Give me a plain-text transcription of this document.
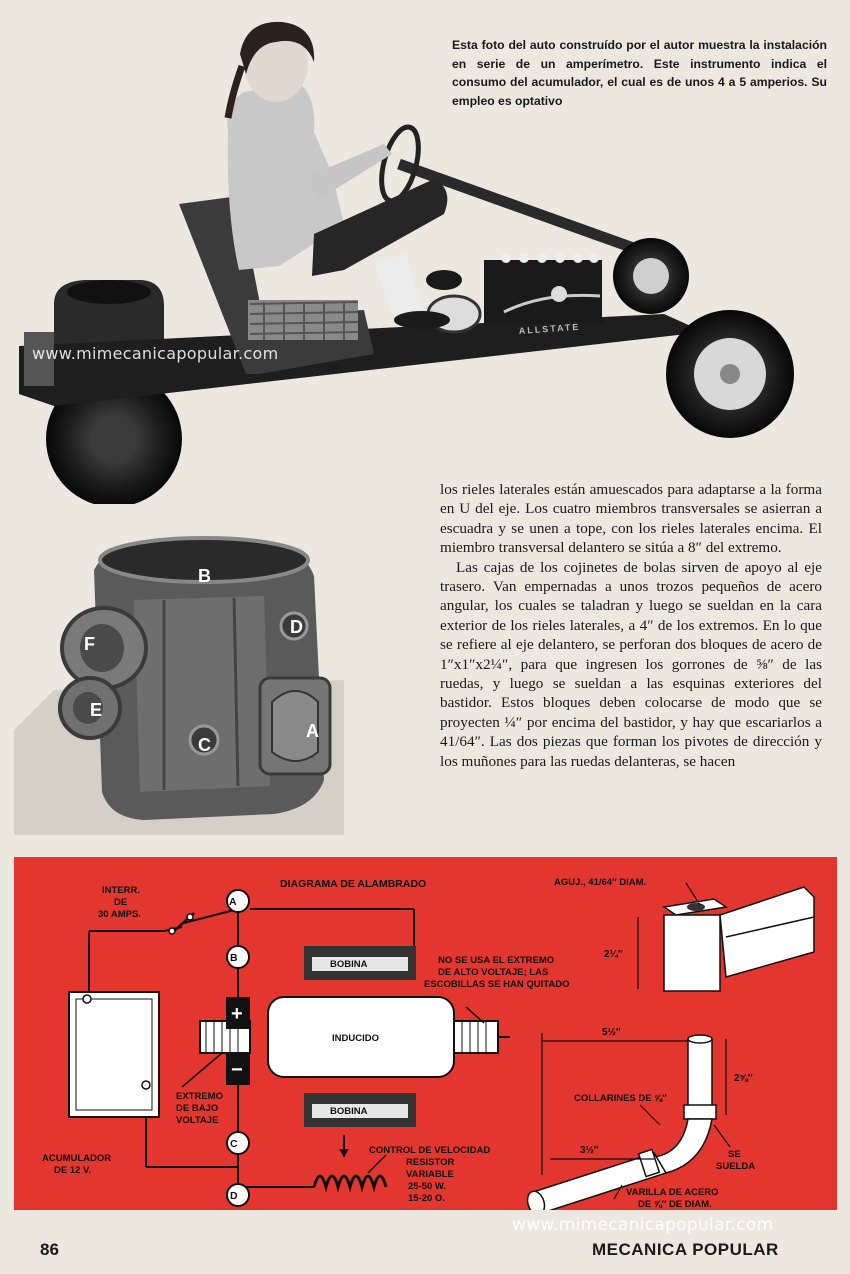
ALLSTATE
Esta foto del auto construído por el autor muestra la instalación en serie de un amperímetro. Este instrumento indica el consumo del acumulador, el cual es de unos 4 a 5 amperios. Su empleo es optativo
www.mimecanicapopular.com
B
D
F
E
C
A

los rieles laterales están amuescados para adaptarse a la forma en U del eje. Los cuatro miembros transversales se asierran a escuadra y se unen a tope, con los rieles laterales encima. El miembro transversal delantero se sitúa a 8″ del extremo.

Las cajas de los cojinetes de bolas sirven de apoyo al eje trasero. Van empernadas a unos trozos pequeños de acero angular, los cuales se taladran y luego se sueldan en la cara exterior de los rieles laterales, a 4″ de los extremos. En lo que se refiere al eje delantero, se perforan dos bloques de acero de 1″x1″x2¼″, para que ingresen los gorrones de ⅝″ de las ruedas, y luego se sueldan a las esquinas exteriores del bastidor. Estos bloques deben colocarse de modo que se proyecten ¼″ por encima del bastidor, y hay que escariarlos a 41/64″. Las dos piezas que forman los pivotes de dirección y los muñones para las ruedas delanteras, se hacen

A
B
C
D
+
−
DIAGRAMA DE ALAMBRADO
INTERR.
DE
30 AMPS.
BOBINA
BOBINA
INDUCIDO
NO SE USA EL EXTREMO
DE ALTO VOLTAJE; LAS
ESCOBILLAS SE HAN QUITADO
EXTREMO
DE BAJO
VOLTAJE
ACUMULADOR
DE 12 V.
CONTROL DE VELOCIDAD
RESISTOR
VARIABLE
25-50 W.
15-20 O.
AGUJ., 41/64″ DIAM.
2¼″
5½″
2⅝″
COLLARINES DE ⅝″
3½″	SE
SUELDA
VARILLA DE ACERO
DE ⅝″ DE DIAM.
www.mimecanicapopular.com
86	MECANICA POPULAR
